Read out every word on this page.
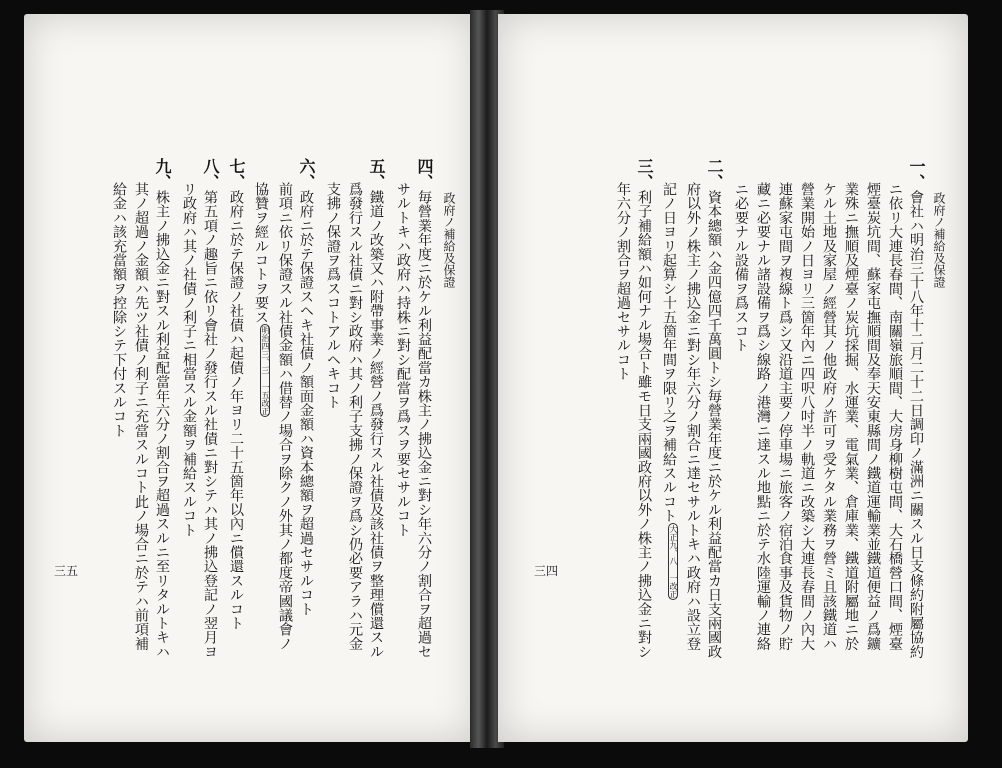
政府ノ補給及保證
四、毎營業年度ニ於ケル利益配當カ株主ノ拂込金ニ對シ年六分ノ割合ヲ超過セ
サルトキハ政府ハ持株ニ對シ配當ヲ爲スヲ要セサルコト
五、鐵道ノ改築又ハ附帶事業ノ經營ノ爲發行スル社債及該社債ヲ整理償還スル
爲發行スル社債ニ對シ政府ハ其ノ利子支拂ノ保證ヲ爲シ仍必要アラハ元金
支拂ノ保證ヲ爲スコトアルヘキコト
六、政府ニ於テ保證スヘキ社債ノ額面金額ハ資本總額ヲ超過セサルコト
前項ニ依リ保證スル社債金額ハ借替ノ場合ヲ除クノ外其ノ都度帝國議會ノ
協贊ヲ經ルコトヲ要ス明治四三、三 一五改正
七、政府ニ於テ保證ノ社債ハ起債ノ年ヨリ二十五箇年以內ニ償還スルコト
八、第五項ノ趣旨ニ依リ會社ノ發行スル社債ニ對シテハ其ノ拂込登記ノ翌月ヨ
リ政府ハ其ノ社債ノ利子ニ相當スル金額ヲ補給スルコト
九、株主ノ拂込金ニ對スル利益配當年六分ノ割合ヲ超過スルニ至リタルトキハ
其ノ超過ノ金額ハ先ツ社債ノ利子ニ充當スルコト此ノ場合ニ於テハ前項補
給金ハ該充當額ヲ控除シテ下付スルコト
三五
政府ノ補給及保證
一、會社ハ明治三十八年十二月二十二日調印ノ滿洲ニ關スル日支條約附屬協約
ニ依リ大連長春間、南關嶺旅順間、大房身柳樹屯間、大石橋營口間、煙臺
煙臺炭坑間、蘇家屯撫順間及奉天安東縣間ノ鐵道運輸業並鐵道便益ノ爲鑛
業殊ニ撫順及煙臺ノ炭坑採掘、水運業、電氣業、倉庫業、鐵道附屬地ニ於
ケル土地及家屋ノ經營其ノ他政府ノ許可ヲ受ケタル業務ヲ營ミ且該鐵道ハ
營業開始ノ日ヨリ三箇年內ニ四呎八吋半ノ軌道ニ改築シ大連長春間ノ內大
連蘇家屯間ヲ複線ト爲シ又沿道主要ノ停車場ニ旅客ノ宿泊食事及貨物ノ貯
藏ニ必要ナル諸設備ヲ爲シ線路ノ港灣ニ達スル地點ニ於テ水陸運輸ノ連絡
ニ必要ナル設備ヲ爲スコト
二、資本總額ハ金四億四千萬圓トシ毎營業年度ニ於ケル利益配當カ日支兩國政
府以外ノ株主ノ拂込金ニ對シ年六分ノ割合ニ達セサルトキハ政府ハ設立登
記ノ日ヨリ起算シ十五箇年間ヲ限リ之ヲ補給スルコト大正九、八 一改正
三、利子補給額ハ如何ナル場合ト雖モ日支兩國政府以外ノ株主ノ拂込金ニ對シ
年六分ノ割合ヲ超過セサルコト
三四
